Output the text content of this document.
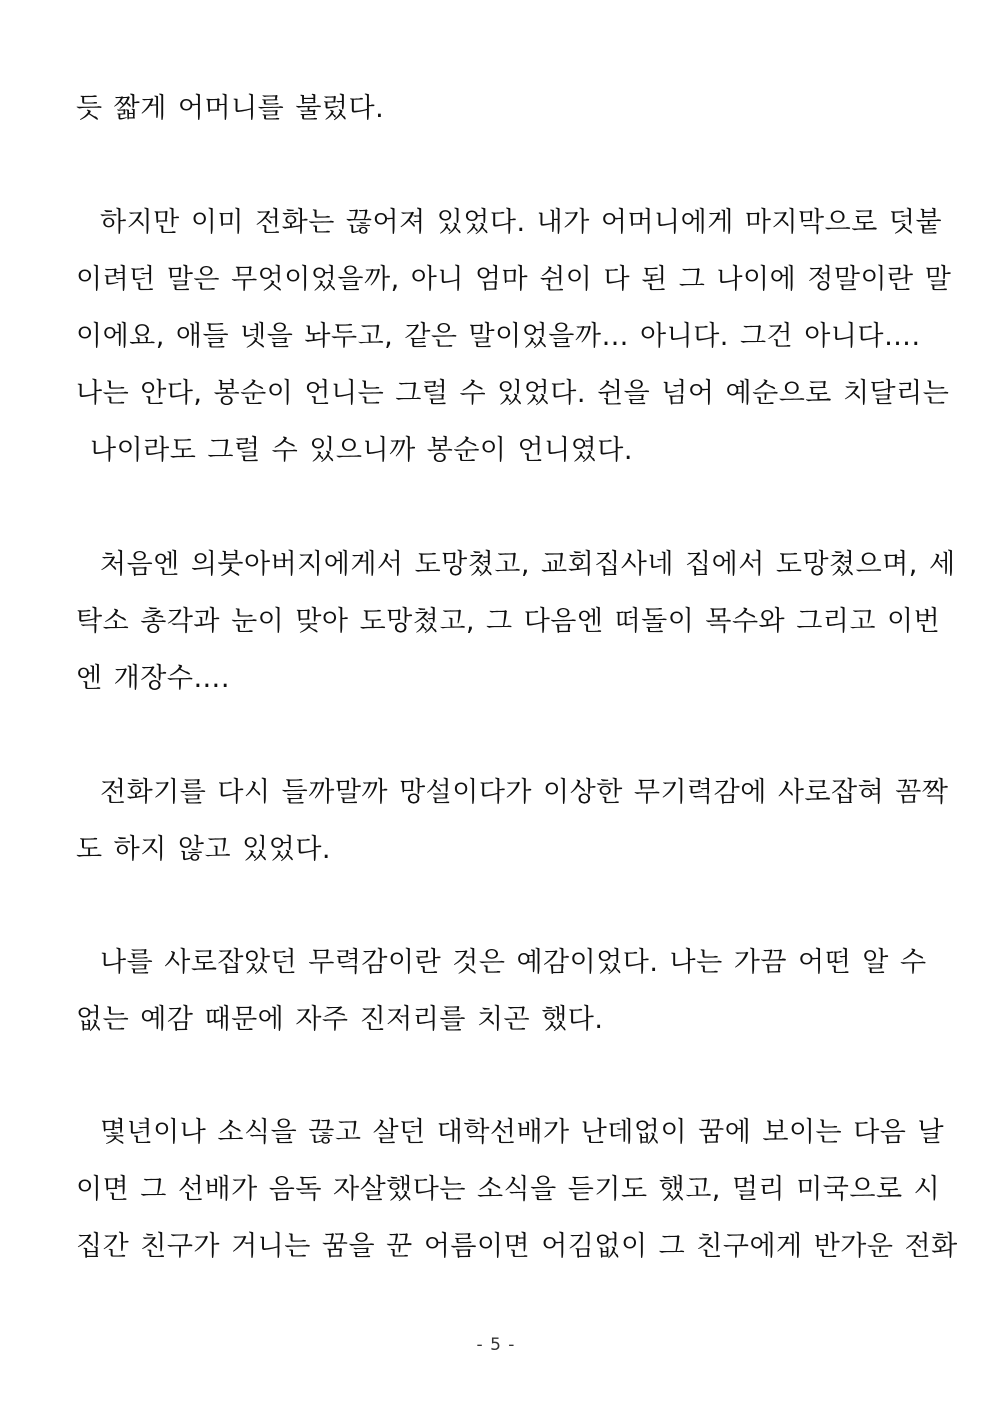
듯 짧게 어머니를 불렀다.
하지만 이미 전화는 끊어져 있었다. 내가 어머니에게 마지막으로 덧붙
이려던 말은 무엇이었을까, 아니 엄마 쉰이 다 된 그 나이에 정말이란 말
이에요, 애들 넷을 놔두고, 같은 말이었을까… 아니다. 그건 아니다….
나는 안다, 봉순이 언니는 그럴 수 있었다. 쉰을 넘어 예순으로 치달리는
나이라도 그럴 수 있으니까 봉순이 언니였다.
처음엔 의붓아버지에게서 도망쳤고, 교회집사네 집에서 도망쳤으며, 세
탁소 총각과 눈이 맞아 도망쳤고, 그 다음엔 떠돌이 목수와 그리고 이번
엔 개장수….
전화기를 다시 들까말까 망설이다가 이상한 무기력감에 사로잡혀 꼼짝
도 하지 않고 있었다.
나를 사로잡았던 무력감이란 것은 예감이었다. 나는 가끔 어떤 알 수
없는 예감 때문에 자주 진저리를 치곤 했다.
몇년이나 소식을 끊고 살던 대학선배가 난데없이 꿈에 보이는 다음 날
이면 그 선배가 음독 자살했다는 소식을 듣기도 했고, 멀리 미국으로 시
집간 친구가 거니는 꿈을 꾼 어름이면 어김없이 그 친구에게 반가운 전화
- 5 -
